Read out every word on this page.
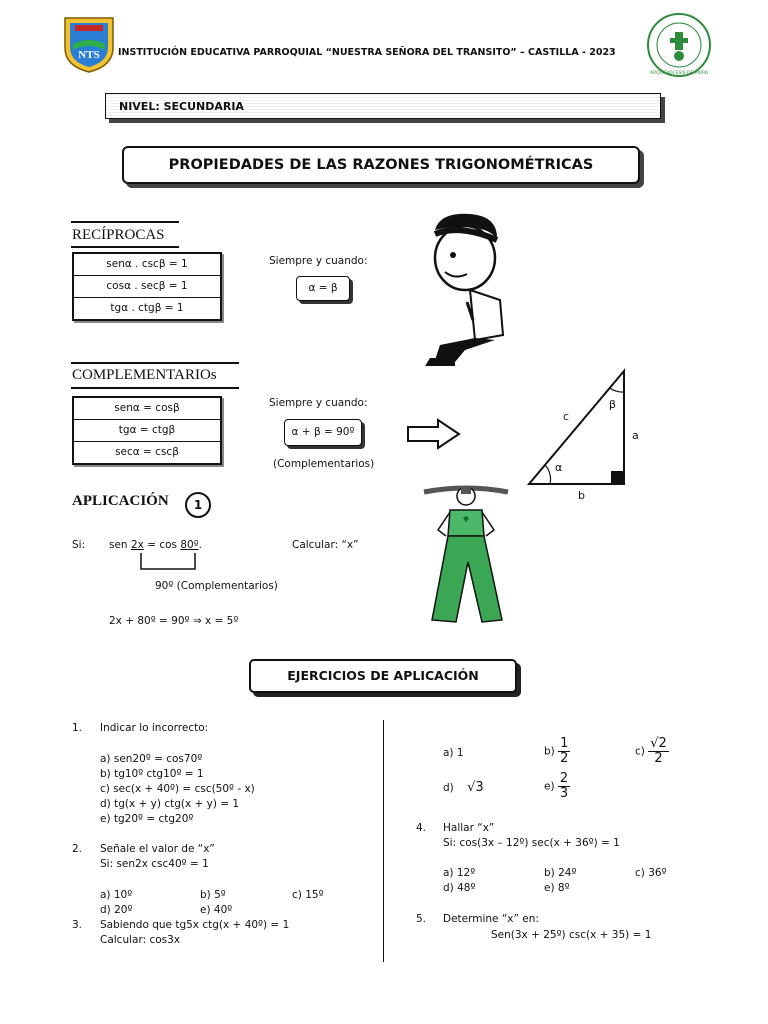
NTS INSTITUCIÓN EDUCATIVA PARROQUIAL “NUESTRA SEÑORA DEL TRANSITO” – CASTILLA - 2023
ARQUIDIOCESIS DE PIURA
NIVEL: SECUNDARIA
PROPIEDADES DE LAS RAZONES TRIGONOMÉTRICAS
RECÍPROCAS
senα . cscβ = 1
cosα . secβ = 1
tgα . ctgβ = 1
Siempre y cuando:
α = β
COMPLEMENTARIOs
senα = cosβ
tgα = ctgβ
secα = cscβ
Siempre y cuando:
α + β = 90º
(Complementarios)
c
a
b
α
β
APLICACIÓN	1
Si: sen 2x = cos 80º.	Calcular: “x”
90º (Complementarios)
2x + 80º = 90º ⇒ x = 5º
EJERCICIOS DE APLICACIÓN
1. Indicar lo incorrecto:
a) sen20º = cos70º
b) tg10º ctg10º = 1
c) sec(x + 40º) = csc(50º - x)
d) tg(x + y) ctg(x + y) = 1
e) tg20º = ctg20º
2. Señale el valor de “x”
Si: sen2x csc40º = 1
a) 10º	b) 5º	c) 15º
d) 20º	e) 40º
3. Sabiendo que tg5x ctg(x + 40º) = 1
Calcular: cos3x
a) 1	$b) \frac{1}{2}$	$c) \frac{√2}{2}$
d) √3	$e) \frac{2}{3}$
4. Hallar “x”
Si: cos(3x – 12º) sec(x + 36º) = 1
a) 12º	b) 24º	c) 36º
d) 48º	e) 8º
5. Determine “x” en:
Sen(3x + 25º) csc(x + 35) = 1
